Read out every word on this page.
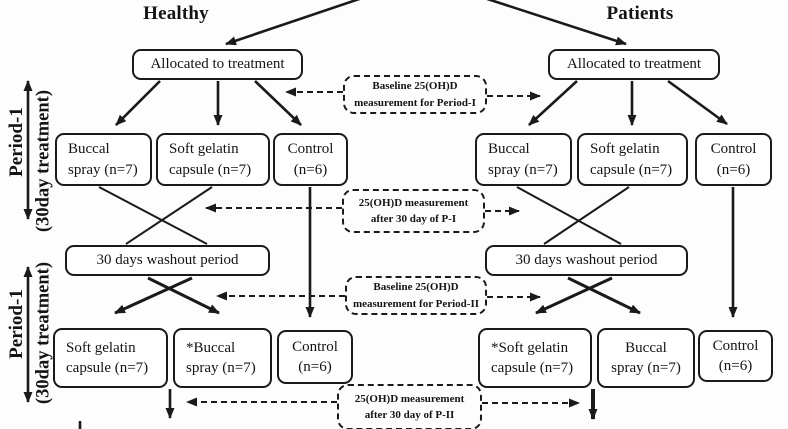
Healthy	Patients
Period-1 (30day treatment)
Period-1 (30day treatment)
Allocated to treatment
Buccal
spray (n=7)
Soft gelatin
capsule (n=7)
Control
(n=6)
30 days washout period
Soft gelatin
capsule (n=7)
*Buccal
spray (n=7)
Control
(n=6)
Allocated to treatment
Buccal
spray (n=7)
Soft gelatin
capsule (n=7)
Control
(n=6)
30 days washout period
*Soft gelatin
capsule (n=7)
Buccal
spray (n=7)
Control
(n=6)
Baseline 25(OH)D
measurement for Period-I
25(OH)D measurement
after 30 day of P-I
Baseline 25(OH)D
measurement for Period-II
25(OH)D measurement
after 30 day of P-II
